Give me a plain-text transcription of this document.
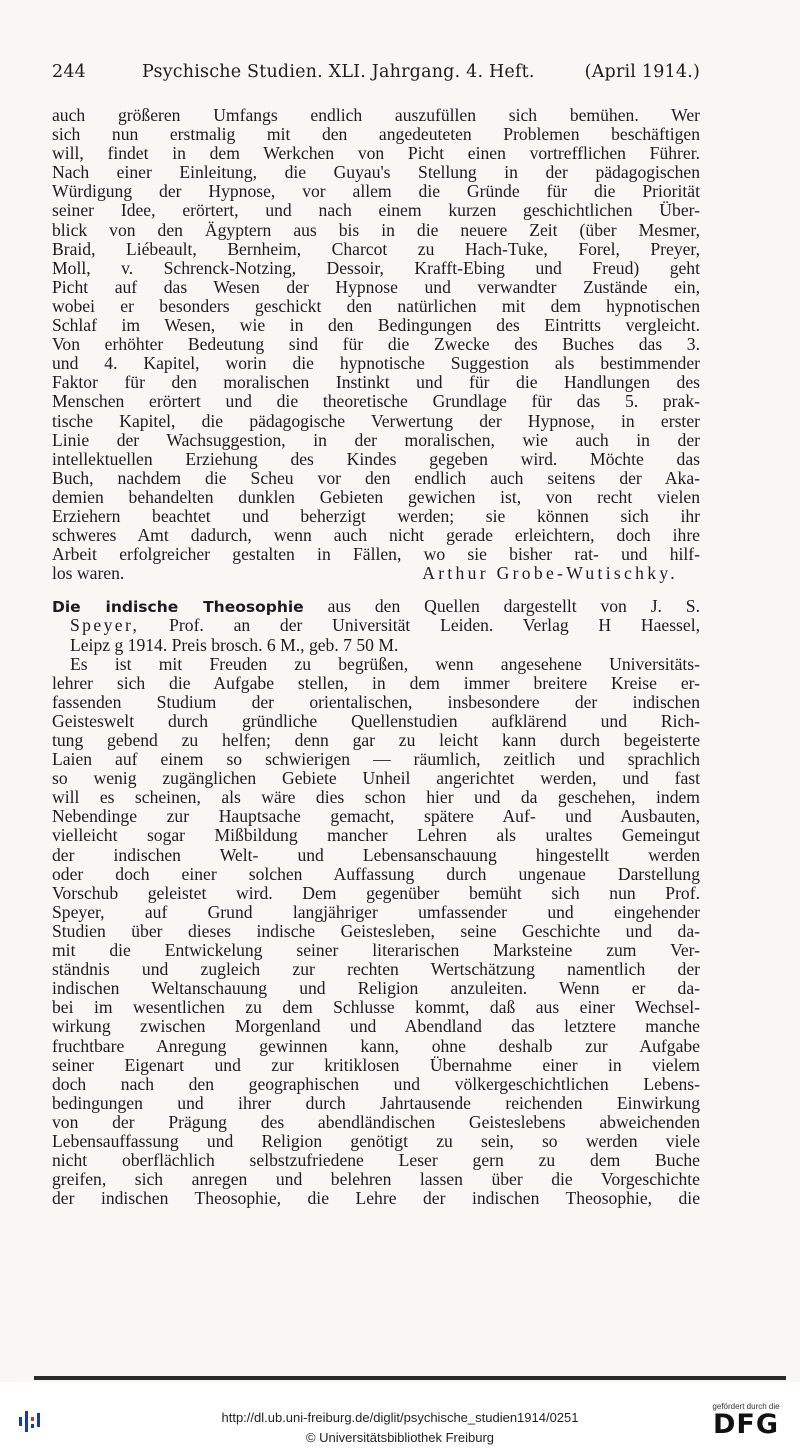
244	Psychische Studien. XLI. Jahrgang. 4. Heft.	(April 1914.)
auch größeren Umfangs endlich auszufüllen sich bemühen. Wer
sich nun erstmalig mit den angedeuteten Problemen beschäftigen
will, findet in dem Werkchen von Picht einen vortrefflichen Führer.
Nach einer Einleitung, die Guyau's Stellung in der pädagogischen
Würdigung der Hypnose, vor allem die Gründe für die Priorität
seiner Idee, erörtert, und nach einem kurzen geschichtlichen Über-
blick von den Ägyptern aus bis in die neuere Zeit (über Mesmer,
Braid, Liébeault, Bernheim, Charcot zu Hach-Tuke, Forel, Preyer,
Moll, v. Schrenck-Notzing, Dessoir, Krafft-Ebing und Freud) geht
Picht auf das Wesen der Hypnose und verwandter Zustände ein,
wobei er besonders geschickt den natürlichen mit dem hypnotischen
Schlaf im Wesen, wie in den Bedingungen des Eintritts vergleicht.
Von erhöhter Bedeutung sind für die Zwecke des Buches das 3.
und 4. Kapitel, worin die hypnotische Suggestion als bestimmender
Faktor für den moralischen Instinkt und für die Handlungen des
Menschen erörtert und die theoretische Grundlage für das 5. prak-
tische Kapitel, die pädagogische Verwertung der Hypnose, in erster
Linie der Wachsuggestion, in der moralischen, wie auch in der
intellektuellen Erziehung des Kindes gegeben wird. Möchte das
Buch, nachdem die Scheu vor den endlich auch seitens der Aka-
demien behandelten dunklen Gebieten gewichen ist, von recht vielen
Erziehern beachtet und beherzigt werden; sie können sich ihr
schweres Amt dadurch, wenn auch nicht gerade erleichtern, doch ihre
Arbeit erfolgreicher gestalten in Fällen, wo sie bisher rat- und hilf-
los waren.	Arthur Grobe-Wutischky.
Die indische Theosophie aus den Quellen dargestellt von J. S.
Speyer, Prof. an der Universität Leiden. Verlag H Haessel,
Leipz g 1914. Preis brosch. 6 M., geb. 7 50 M.
Es ist mit Freuden zu begrüßen, wenn angesehene Universitäts-
lehrer sich die Aufgabe stellen, in dem immer breitere Kreise er-
fassenden Studium der orientalischen, insbesondere der indischen
Geisteswelt durch gründliche Quellenstudien aufklärend und Rich-
tung gebend zu helfen; denn gar zu leicht kann durch begeisterte
Laien auf einem so schwierigen — räumlich, zeitlich und sprachlich
so wenig zugänglichen Gebiete Unheil angerichtet werden, und fast
will es scheinen, als wäre dies schon hier und da geschehen, indem
Nebendinge zur Hauptsache gemacht, spätere Auf- und Ausbauten,
vielleicht sogar Mißbildung mancher Lehren als uraltes Gemeingut
der indischen Welt- und Lebensanschauung hingestellt werden
oder doch einer solchen Auffassung durch ungenaue Darstellung
Vorschub geleistet wird. Dem gegenüber bemüht sich nun Prof.
Speyer, auf Grund langjähriger umfassender und eingehender
Studien über dieses indische Geistesleben, seine Geschichte und da-
mit die Entwickelung seiner literarischen Marksteine zum Ver-
ständnis und zugleich zur rechten Wertschätzung namentlich der
indischen Weltanschauung und Religion anzuleiten. Wenn er da-
bei im wesentlichen zu dem Schlusse kommt, daß aus einer Wechsel-
wirkung zwischen Morgenland und Abendland das letztere manche
fruchtbare Anregung gewinnen kann, ohne deshalb zur Aufgabe
seiner Eigenart und zur kritiklosen Übernahme einer in vielem
doch nach den geographischen und völkergeschichtlichen Lebens-
bedingungen und ihrer durch Jahrtausende reichenden Einwirkung
von der Prägung des abendländischen Geisteslebens abweichenden
Lebensauffassung und Religion genötigt zu sein, so werden viele
nicht oberflächlich selbstzufriedene Leser gern zu dem Buche
greifen, sich anregen und belehren lassen über die Vorgeschichte
der indischen Theosophie, die Lehre der indischen Theosophie, die
http://dl.ub.uni-freiburg.de/diglit/psychische_studien1914/0251
© Universitätsbibliothek Freiburg
gefördert durch die
DFG
